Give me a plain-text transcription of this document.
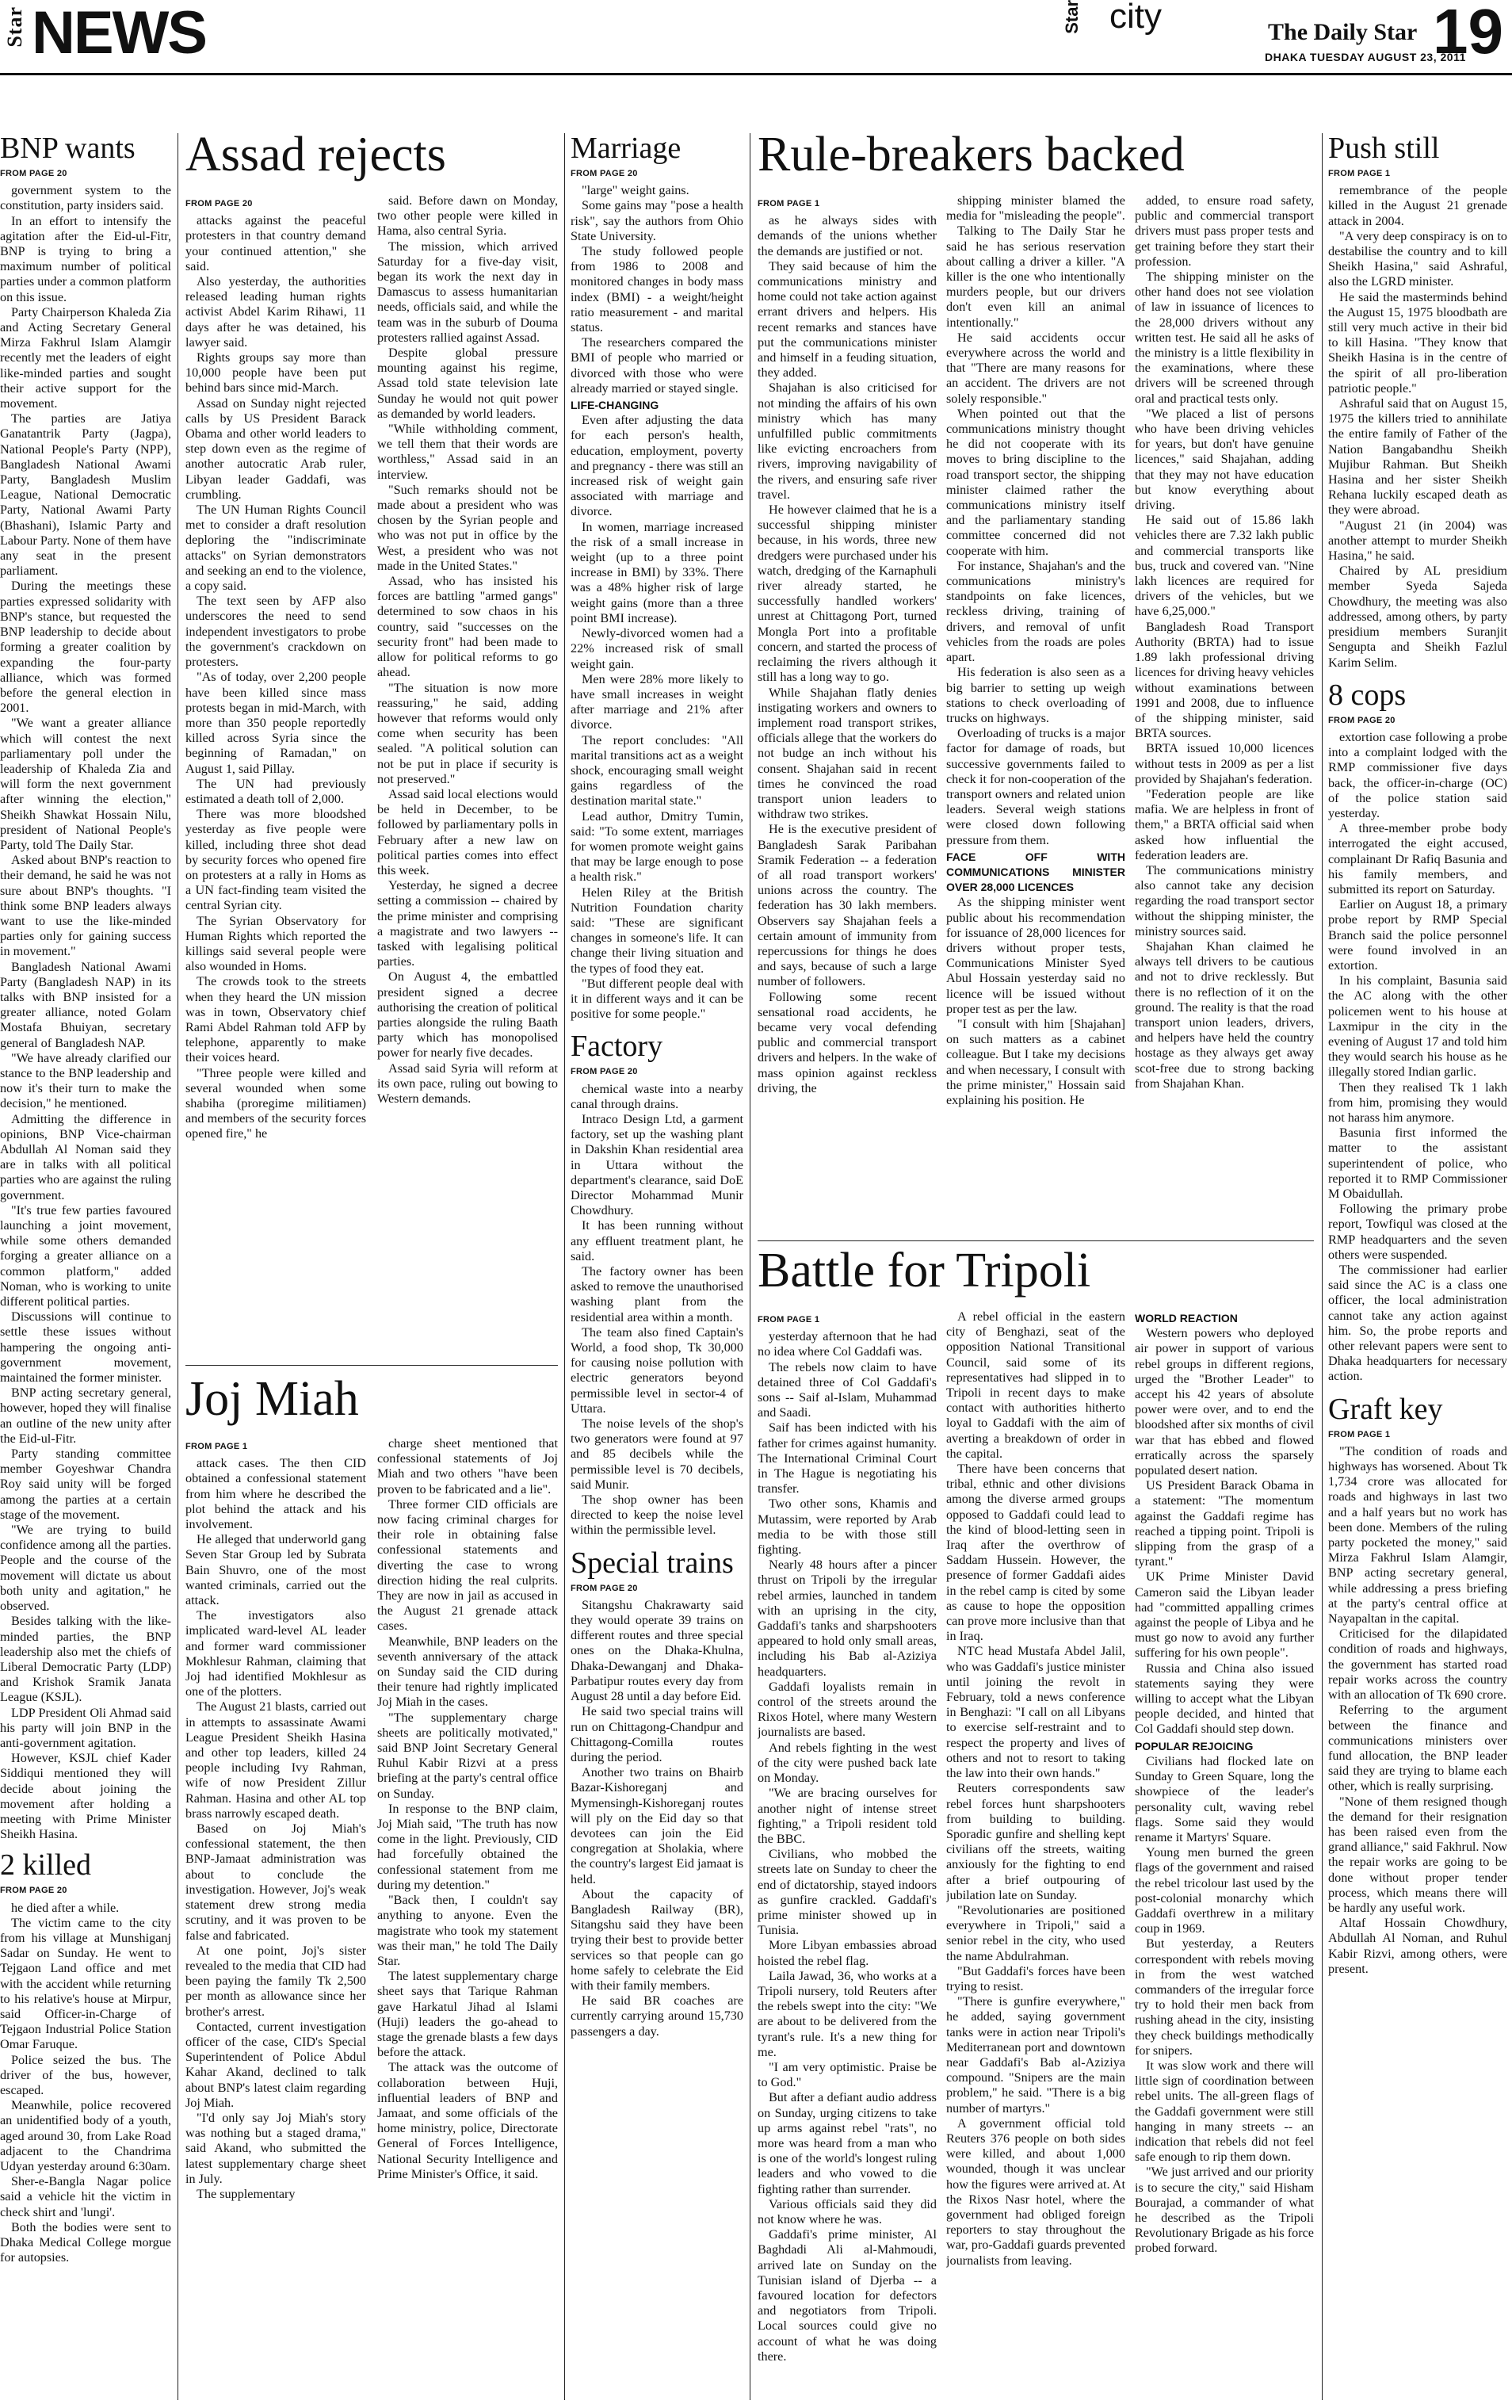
Star NEWS	Star city	The Daily Star
DHAKA TUESDAY AUGUST 23, 2011
19
BNP wants
FROM PAGE 20

government system to the constitution, party insiders said.

In an effort to intensify the agitation after the Eid-ul-Fitr, BNP is trying to bring a maximum number of political parties under a common platform on this issue.

Party Chairperson Khaleda Zia and Acting Secretary General Mirza Fakhrul Islam Alamgir recently met the leaders of eight like-minded parties and sought their active support for the movement.

The parties are Jatiya Ganatantrik Party (Jagpa), National People's Party (NPP), Bangladesh National Awami Party, Bangladesh Muslim League, National Democratic Party, National Awami Party (Bhashani), Islamic Party and Labour Party. None of them have any seat in the present parliament.

During the meetings these parties expressed solidarity with BNP's stance, but requested the BNP leadership to decide about forming a greater coalition by expanding the four-party alliance, which was formed before the general election in 2001.

"We want a greater alliance which will contest the next parliamentary poll under the leadership of Khaleda Zia and will form the next government after winning the election," Sheikh Shawkat Hossain Nilu, president of National People's Party, told The Daily Star.

Asked about BNP's reaction to their demand, he said he was not sure about BNP's thoughts. "I think some BNP leaders always want to use the like-minded parties only for gaining success in movement."

Bangladesh National Awami Party (Bangladesh NAP) in its talks with BNP insisted for a greater alliance, noted Golam Mostafa Bhuiyan, secretary general of Bangladesh NAP.

"We have already clarified our stance to the BNP leadership and now it's their turn to make the decision," he mentioned.

Admitting the difference in opinions, BNP Vice-chairman Abdullah Al Noman said they are in talks with all political parties who are against the ruling government.

"It's true few parties favoured launching a joint movement, while some others demanded forging a greater alliance on a common platform," added Noman, who is working to unite different political parties.

Discussions will continue to settle these issues without hampering the ongoing anti-government movement, maintained the former minister.

BNP acting secretary general, however, hoped they will finalise an outline of the new unity after the Eid-ul-Fitr.

Party standing committee member Goyeshwar Chandra Roy said unity will be forged among the parties at a certain stage of the movement.

"We are trying to build confidence among all the parties. People and the course of the movement will dictate us about both unity and agitation," he observed.

Besides talking with the like-minded parties, the BNP leadership also met the chiefs of Liberal Democratic Party (LDP) and Krishok Sramik Janata League (KSJL).

LDP President Oli Ahmad said his party will join BNP in the anti-government agitation.

However, KSJL chief Kader Siddiqui mentioned they will decide about joining the movement after holding a meeting with Prime Minister Sheikh Hasina.

2 killed
FROM PAGE 20

he died after a while.

The victim came to the city from his village at Munshiganj Sadar on Sunday. He went to Tejgaon Land office and met with the accident while returning to his relative's house at Mirpur, said Officer-in-Charge of Tejgaon Industrial Police Station Omar Faruque.

Police seized the bus. The driver of the bus, however, escaped.

Meanwhile, police recovered an unidentified body of a youth, aged around 30, from Lake Road adjacent to the Chandrima Udyan yesterday around 6:30am.

Sher-e-Bangla Nagar police said a vehicle hit the victim in check shirt and 'lungi'.

Both the bodies were sent to Dhaka Medical College morgue for autopsies.

Assad rejects
FROM PAGE 20

attacks against the peaceful protesters in that country demand your continued attention," she said.

Also yesterday, the authorities released leading human rights activist Abdel Karim Rihawi, 11 days after he was detained, his lawyer said.

Rights groups say more than 10,000 people have been put behind bars since mid-March.

Assad on Sunday night rejected calls by US President Barack Obama and other world leaders to step down even as the regime of another autocratic Arab ruler, Libyan leader Gaddafi, was crumbling.

The UN Human Rights Council met to consider a draft resolution deploring the "indiscriminate attacks" on Syrian demonstrators and seeking an end to the violence, a copy said.

The text seen by AFP also underscores the need to send independent investigators to probe the government's crackdown on protesters.

"As of today, over 2,200 people have been killed since mass protests began in mid-March, with more than 350 people reportedly killed across Syria since the beginning of Ramadan," on August 1, said Pillay.

The UN had previously estimated a death toll of 2,000.

There was more bloodshed yesterday as five people were killed, including three shot dead by security forces who opened fire on protesters at a rally in Homs as a UN fact-finding team visited the central Syrian city.

The Syrian Observatory for Human Rights which reported the killings said several people were also wounded in Homs.

The crowds took to the streets when they heard the UN mission was in town, Observatory chief Rami Abdel Rahman told AFP by telephone, apparently to make their voices heard.

"Three people were killed and several wounded when some shabiha (proregime militiamen) and members of the security forces opened fire," he

said. Before dawn on Monday, two other people were killed in Hama, also central Syria.

The mission, which arrived Saturday for a five-day visit, began its work the next day in Damascus to assess humanitarian needs, officials said, and while the team was in the suburb of Douma protesters rallied against Assad.

Despite global pressure mounting against his regime, Assad told state television late Sunday he would not quit power as demanded by world leaders.

"While withholding comment, we tell them that their words are worthless," Assad said in an interview.

"Such remarks should not be made about a president who was chosen by the Syrian people and who was not put in office by the West, a president who was not made in the United States."

Assad, who has insisted his forces are battling "armed gangs" determined to sow chaos in his country, said "successes on the security front" had been made to allow for political reforms to go ahead.

"The situation is now more reassuring," he said, adding however that reforms would only come when security has been sealed. "A political solution can not be put in place if security is not preserved."

Assad said local elections would be held in December, to be followed by parliamentary polls in February after a new law on political parties comes into effect this week.

Yesterday, he signed a decree setting a commission -- chaired by the prime minister and comprising a magistrate and two lawyers -- tasked with legalising political parties.

On August 4, the embattled president signed a decree authorising the creation of political parties alongside the ruling Baath party which has monopolised power for nearly five decades.

Assad said Syria will reform at its own pace, ruling out bowing to Western demands.

Joj Miah
FROM PAGE 1

attack cases. The then CID obtained a confessional statement from him where he described the plot behind the attack and his involvement.

He alleged that underworld gang Seven Star Group led by Subrata Bain Shuvro, one of the most wanted criminals, carried out the attack.

The investigators also implicated ward-level AL leader and former ward commissioner Mokhlesur Rahman, claiming that Joj had identified Mokhlesur as one of the plotters.

The August 21 blasts, carried out in attempts to assassinate Awami League President Sheikh Hasina and other top leaders, killed 24 people including Ivy Rahman, wife of now President Zillur Rahman. Hasina and other AL top brass narrowly escaped death.

Based on Joj Miah's confessional statement, the then BNP-Jamaat administration was about to conclude the investigation. However, Joj's weak statement drew strong media scrutiny, and it was proven to be false and fabricated.

At one point, Joj's sister revealed to the media that CID had been paying the family Tk 2,500 per month as allowance since her brother's arrest.

Contacted, current investigation officer of the case, CID's Special Superintendent of Police Abdul Kahar Akand, declined to talk about BNP's latest claim regarding Joj Miah.

"I'd only say Joj Miah's story was nothing but a staged drama," said Akand, who submitted the latest supplementary charge sheet in July.

The supplementary

charge sheet mentioned that confessional statements of Joj Miah and two others "have been proven to be fabricated and a lie".

Three former CID officials are now facing criminal charges for their role in obtaining false confessional statements and diverting the case to wrong direction hiding the real culprits. They are now in jail as accused in the August 21 grenade attack cases.

Meanwhile, BNP leaders on the seventh anniversary of the attack on Sunday said the CID during their tenure had rightly implicated Joj Miah in the cases.

"The supplementary charge sheets are politically motivated," said BNP Joint Secretary General Ruhul Kabir Rizvi at a press briefing at the party's central office on Sunday.

In response to the BNP claim, Joj Miah said, "The truth has now come in the light. Previously, CID had forcefully obtained the confessional statement from me during my detention."

"Back then, I couldn't say anything to anyone. Even the magistrate who took my statement was their man," he told The Daily Star.

The latest supplementary charge sheet says that Tarique Rahman gave Harkatul Jihad al Islami (Huji) leaders the go-ahead to stage the grenade blasts a few days before the attack.

The attack was the outcome of collaboration between Huji, influential leaders of BNP and Jamaat, and some officials of the home ministry, police, Directorate General of Forces Intelligence, National Security Intelligence and Prime Minister's Office, it said.

Marriage
FROM PAGE 20

"large" weight gains.

Some gains may "pose a health risk", say the authors from Ohio State University.

The study followed people from 1986 to 2008 and monitored changes in body mass index (BMI) - a weight/height ratio measurement - and marital status.

The researchers compared the BMI of people who married or divorced with those who were already married or stayed single.

LIFE-CHANGING

Even after adjusting the data for each person's health, education, employment, poverty and pregnancy - there was still an increased risk of weight gain associated with marriage and divorce.

In women, marriage increased the risk of a small increase in weight (up to a three point increase in BMI) by 33%. There was a 48% higher risk of large weight gains (more than a three point BMI increase).

Newly-divorced women had a 22% increased risk of small weight gain.

Men were 28% more likely to have small increases in weight after marriage and 21% after divorce.

The report concludes: "All marital transitions act as a weight shock, encouraging small weight gains regardless of the destination marital state."

Lead author, Dmitry Tumin, said: "To some extent, marriages for women promote weight gains that may be large enough to pose a health risk."

Helen Riley at the British Nutrition Foundation charity said: "These are significant changes in someone's life. It can change their living situation and the types of food they eat.

"But different people deal with it in different ways and it can be positive for some people."

Factory
FROM PAGE 20

chemical waste into a nearby canal through drains.

Intraco Design Ltd, a garment factory, set up the washing plant in Dakshin Khan residential area in Uttara without the department's clearance, said DoE Director Mohammad Munir Chowdhury.

It has been running without any effluent treatment plant, he said.

The factory owner has been asked to remove the unauthorised washing plant from the residential area within a month.

The team also fined Captain's World, a food shop, Tk 30,000 for causing noise pollution with electric generators beyond permissible level in sector-4 of Uttara.

The noise levels of the shop's two generators were found at 97 and 85 decibels while the permissible level is 70 decibels, said Munir.

The shop owner has been directed to keep the noise level within the permissible level.

Special trains
FROM PAGE 20

Sitangshu Chakrawarty said they would operate 39 trains on different routes and three special ones on the Dhaka-Khulna, Dhaka-Dewanganj and Dhaka-Parbatipur routes every day from August 28 until a day before Eid.

He said two special trains will run on Chittagong-Chandpur and Chittagong-Comilla routes during the period.

Another two trains on Bhairb Bazar-Kishoreganj and Mymensingh-Kishoreganj routes will ply on the Eid day so that devotees can join the Eid congregation at Sholakia, where the country's largest Eid jamaat is held.

About the capacity of Bangladesh Railway (BR), Sitangshu said they have been trying their best to provide better services so that people can go home safely to celebrate the Eid with their family members.

He said BR coaches are currently carrying around 15,730 passengers a day.

Rule-breakers backed
FROM PAGE 1

as he always sides with demands of the unions whether the demands are justified or not.

They said because of him the communications ministry and home could not take action against errant drivers and helpers. His recent remarks and stances have put the communications minister and himself in a feuding situation, they added.

Shajahan is also criticised for not minding the affairs of his own ministry which has many unfulfilled public commitments like evicting encroachers from rivers, improving navigability of the rivers, and ensuring safe river travel.

He however claimed that he is a successful shipping minister because, in his words, three new dredgers were purchased under his watch, dredging of the Karnaphuli river already started, he successfully handled workers' unrest at Chittagong Port, turned Mongla Port into a profitable concern, and started the process of reclaiming the rivers although it still has a long way to go.

While Shajahan flatly denies instigating workers and owners to implement road transport strikes, officials allege that the workers do not budge an inch without his consent. Shajahan said in recent times he convinced the road transport union leaders to withdraw two strikes.

He is the executive president of Bangladesh Sarak Paribahan Sramik Federation -- a federation of all road transport workers' unions across the country. The federation has 30 lakh members. Observers say Shajahan feels a certain amount of immunity from repercussions for things he does and says, because of such a large number of followers.

Following some recent sensational road accidents, he became very vocal defending public and commercial transport drivers and helpers. In the wake of mass opinion against reckless driving, the

shipping minister blamed the media for "misleading the people".

Talking to The Daily Star he said he has serious reservation about calling a driver a killer. "A killer is the one who intentionally murders people, but our drivers don't even kill an animal intentionally."

He said accidents occur everywhere across the world and that "There are many reasons for an accident. The drivers are not solely responsible."

When pointed out that the communications ministry thought he did not cooperate with its moves to bring discipline to the road transport sector, the shipping minister claimed rather the communications ministry itself and the parliamentary standing committee concerned did not cooperate with him.

For instance, Shajahan's and the communications ministry's standpoints on fake licences, reckless driving, training of drivers, and removal of unfit vehicles from the roads are poles apart.

His federation is also seen as a big barrier to setting up weigh stations to check overloading of trucks on highways.

Overloading of trucks is a major factor for damage of roads, but successive governments failed to check it for non-cooperation of the transport owners and related union leaders. Several weigh stations were closed down following pressure from them.

FACE OFF WITH COMMUNICATIONS MINISTER OVER 28,000 LICENCES

As the shipping minister went public about his recommendation for issuance of 28,000 licences for drivers without proper tests, Communications Minister Syed Abul Hossain yesterday said no licence will be issued without proper test as per the law.

"I consult with him [Shajahan] on such matters as a cabinet colleague. But I take my decisions and when necessary, I consult with the prime minister," Hossain said explaining his position. He

added, to ensure road safety, public and commercial transport drivers must pass proper tests and get training before they start their profession.

The shipping minister on the other hand does not see violation of law in issuance of licences to the 28,000 drivers without any written test. He said all he asks of the ministry is a little flexibility in the examinations, where these drivers will be screened through oral and practical tests only.

"We placed a list of persons who have been driving vehicles for years, but don't have genuine licences," said Shajahan, adding that they may not have education but know everything about driving.

He said out of 15.86 lakh vehicles there are 7.32 lakh public and commercial transports like bus, truck and covered van. "Nine lakh licences are required for drivers of the vehicles, but we have 6,25,000."

Bangladesh Road Transport Authority (BRTA) had to issue 1.89 lakh professional driving licences for driving heavy vehicles without examinations between 1991 and 2008, due to influence of the shipping minister, said BRTA sources.

BRTA issued 10,000 licences without tests in 2009 as per a list provided by Shajahan's federation.

"Federation people are like mafia. We are helpless in front of them," a BRTA official said when asked how influential the federation leaders are.

The communications ministry also cannot take any decision regarding the road transport sector without the shipping minister, the ministry sources said.

Shajahan Khan claimed he always tell drivers to be cautious and not to drive recklessly. But there is no reflection of it on the ground. The reality is that the road transport union leaders, drivers, and helpers have held the country hostage as they always get away scot-free due to strong backing from Shajahan Khan.

Battle for Tripoli
FROM PAGE 1

yesterday afternoon that he had no idea where Col Gaddafi was.

The rebels now claim to have detained three of Col Gaddafi's sons -- Saif al-Islam, Muhammad and Saadi.

Saif has been indicted with his father for crimes against humanity. The International Criminal Court in The Hague is negotiating his transfer.

Two other sons, Khamis and Mutassim, were reported by Arab media to be with those still fighting.

Nearly 48 hours after a pincer thrust on Tripoli by the irregular rebel armies, launched in tandem with an uprising in the city, Gaddafi's tanks and sharpshooters appeared to hold only small areas, including his Bab al-Aziziya headquarters.

Gaddafi loyalists remain in control of the streets around the Rixos Hotel, where many Western journalists are based.

And rebels fighting in the west of the city were pushed back late on Monday.

"We are bracing ourselves for another night of intense street fighting," a Tripoli resident told the BBC.

Civilians, who mobbed the streets late on Sunday to cheer the end of dictatorship, stayed indoors as gunfire crackled. Gaddafi's prime minister showed up in Tunisia.

More Libyan embassies abroad hoisted the rebel flag.

Laila Jawad, 36, who works at a Tripoli nursery, told Reuters after the rebels swept into the city: "We are about to be delivered from the tyrant's rule. It's a new thing for me.

"I am very optimistic. Praise be to God."

But after a defiant audio address on Sunday, urging citizens to take up arms against rebel "rats", no more was heard from a man who is one of the world's longest ruling leaders and who vowed to die fighting rather than surrender.

Various officials said they did not know where he was.

Gaddafi's prime minister, Al Baghdadi Ali al-Mahmoudi, arrived late on Sunday on the Tunisian island of Djerba -- a favoured location for defectors and negotiators from Tripoli. Local sources could give no account of what he was doing there.

A rebel official in the eastern city of Benghazi, seat of the opposition National Transitional Council, said some of its representatives had slipped in to Tripoli in recent days to make contact with authorities hitherto loyal to Gaddafi with the aim of averting a breakdown of order in the capital.

There have been concerns that tribal, ethnic and other divisions among the diverse armed groups opposed to Gaddafi could lead to the kind of blood-letting seen in Iraq after the overthrow of Saddam Hussein. However, the presence of former Gaddafi aides in the rebel camp is cited by some as cause to hope the opposition can prove more inclusive than that in Iraq.

NTC head Mustafa Abdel Jalil, who was Gaddafi's justice minister until joining the revolt in February, told a news conference in Benghazi: "I call on all Libyans to exercise self-restraint and to respect the property and lives of others and not to resort to taking the law into their own hands."

Reuters correspondents saw rebel forces hunt sharpshooters from building to building. Sporadic gunfire and shelling kept civilians off the streets, waiting anxiously for the fighting to end after a brief outpouring of jubilation late on Sunday.

"Revolutionaries are positioned everywhere in Tripoli," said a senior rebel in the city, who used the name Abdulrahman.

"But Gaddafi's forces have been trying to resist.

"There is gunfire everywhere," he added, saying government tanks were in action near Tripoli's Mediterranean port and downtown near Gaddafi's Bab al-Aziziya compound. "Snipers are the main problem," he said. "There is a big number of martyrs."

A government official told Reuters 376 people on both sides were killed, and about 1,000 wounded, though it was unclear how the figures were arrived at. At the Rixos Nasr hotel, where the government had obliged foreign reporters to stay throughout the war, pro-Gaddafi guards prevented journalists from leaving.

WORLD REACTION

Western powers who deployed air power in support of various rebel groups in different regions, urged the "Brother Leader" to accept his 42 years of absolute power were over, and to end the bloodshed after six months of civil war that has ebbed and flowed erratically across the sparsely populated desert nation.

US President Barack Obama in a statement: "The momentum against the Gaddafi regime has reached a tipping point. Tripoli is slipping from the grasp of a tyrant."

UK Prime Minister David Cameron said the Libyan leader had "committed appalling crimes against the people of Libya and he must go now to avoid any further suffering for his own people".

Russia and China also issued statements saying they were willing to accept what the Libyan people decided, and hinted that Col Gaddafi should step down.

POPULAR REJOICING

Civilians had flocked late on Sunday to Green Square, long the showpiece of the leader's personality cult, waving rebel flags. Some said they would rename it Martyrs' Square.

Young men burned the green flags of the government and raised the rebel tricolour last used by the post-colonial monarchy which Gaddafi overthrew in a military coup in 1969.

But yesterday, a Reuters correspondent with rebels moving in from the west watched commanders of the irregular force try to hold their men back from rushing ahead in the city, insisting they check buildings methodically for snipers.

It was slow work and there will little sign of coordination between rebel units. The all-green flags of the Gaddafi government were still hanging in many streets -- an indication that rebels did not feel safe enough to rip them down.

"We just arrived and our priority is to secure the city," said Hisham Bourajad, a commander of what he described as the Tripoli Revolutionary Brigade as his force probed forward.

Push still
FROM PAGE 1

remembrance of the people killed in the August 21 grenade attack in 2004.

"A very deep conspiracy is on to destabilise the country and to kill Sheikh Hasina," said Ashraful, also the LGRD minister.

He said the masterminds behind the August 15, 1975 bloodbath are still very much active in their bid to kill Hasina. "They know that Sheikh Hasina is in the centre of the spirit of all pro-liberation patriotic people."

Ashraful said that on August 15, 1975 the killers tried to annihilate the entire family of Father of the Nation Bangabandhu Sheikh Mujibur Rahman. But Sheikh Hasina and her sister Sheikh Rehana luckily escaped death as they were abroad.

"August 21 (in 2004) was another attempt to murder Sheikh Hasina," he said.

Chaired by AL presidium member Syeda Sajeda Chowdhury, the meeting was also addressed, among others, by party presidium members Suranjit Sengupta and Sheikh Fazlul Karim Selim.

8 cops
FROM PAGE 20

extortion case following a probe into a complaint lodged with the RMP commissioner five days back, the officer-in-charge (OC) of the police station said yesterday.

A three-member probe body interrogated the eight accused, complainant Dr Rafiq Basunia and his family members, and submitted its report on Saturday.

Earlier on August 18, a primary probe report by RMP Special Branch said the police personnel were found involved in an extortion.

In his complaint, Basunia said the AC along with the other policemen went to his house at Laxmipur in the city in the evening of August 17 and told him they would search his house as he illegally stored Indian garlic.

Then they realised Tk 1 lakh from him, promising they would not harass him anymore.

Basunia first informed the matter to the assistant superintendent of police, who reported it to RMP Commissioner M Obaidullah.

Following the primary probe report, Towfiqul was closed at the RMP headquarters and the seven others were suspended.

The commissioner had earlier said since the AC is a class one officer, the local administration cannot take any action against him. So, the probe reports and other relevant papers were sent to Dhaka headquarters for necessary action.

Graft key
FROM PAGE 1

"The condition of roads and highways has worsened. About Tk 1,734 crore was allocated for roads and highways in last two and a half years but no work has been done. Members of the ruling party pocketed the money," said Mirza Fakhrul Islam Alamgir, BNP acting secretary general, while addressing a press briefing at the party's central office at Nayapaltan in the capital.

Criticised for the dilapidated condition of roads and highways, the government has started road repair works across the country with an allocation of Tk 690 crore.

Referring to the argument between the finance and communications ministers over fund allocation, the BNP leader said they are trying to blame each other, which is really surprising.

"None of them resigned though the demand for their resignation has been raised even from the grand alliance," said Fakhrul. Now the repair works are going to be done without proper tender process, which means there will be hardly any useful work.

Altaf Hossain Chowdhury, Abdullah Al Noman, and Ruhul Kabir Rizvi, among others, were present.
